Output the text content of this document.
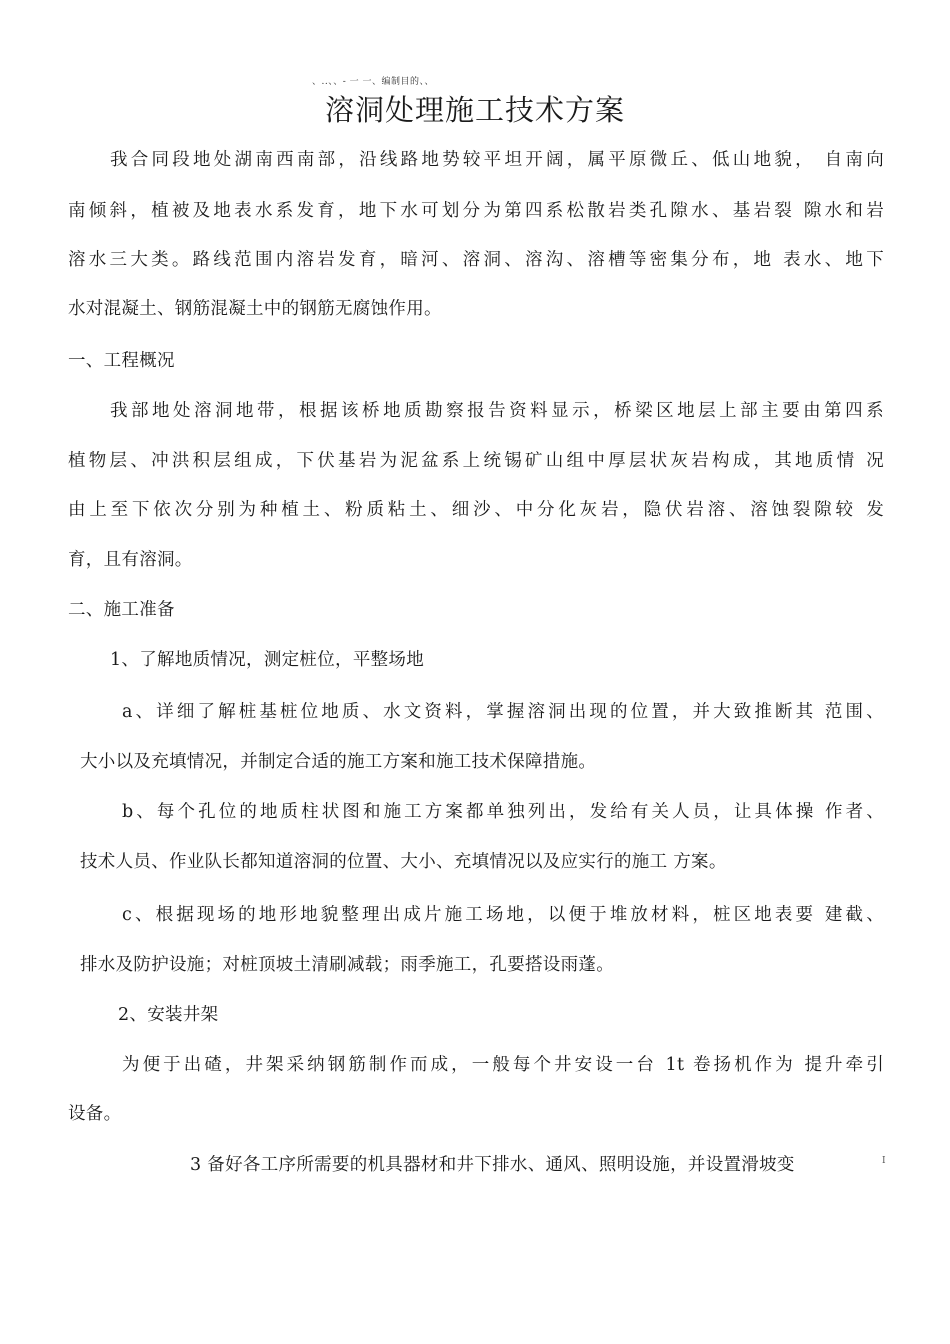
、..、、- 一 一、编制目的、、

溶洞处理施工技术方案

我合同段地处湖南西南部，沿线路地势较平坦开阔，属平原微丘、低山地貌， 自南向

南倾斜，植被及地表水系发育，地下水可划分为第四系松散岩类孔隙水、基岩裂 隙水和岩

溶水三大类。路线范围内溶岩发育，暗河、溶洞、溶沟、溶槽等密集分布，地 表水、地下

水对混凝土、钢筋混凝土中的钢筋无腐蚀作用。

一、工程概况

我部地处溶洞地带，根据该桥地质勘察报告资料显示，桥梁区地层上部主要由第四系

植物层、冲洪积层组成，下伏基岩为泥盆系上统锡矿山组中厚层状灰岩构成，其地质情 况

由上至下依次分别为种植土、粉质粘土、细沙、中分化灰岩，隐伏岩溶、溶蚀裂隙较 发

育，且有溶洞。

二、施工准备

1、了解地质情况，测定桩位，平整场地

a、详细了解桩基桩位地质、水文资料，掌握溶洞出现的位置，并大致推断其 范围、

大小以及充填情况，并制定合适的施工方案和施工技术保障措施。

b、每个孔位的地质柱状图和施工方案都单独列出，发给有关人员，让具体操 作者、

技术人员、作业队长都知道溶洞的位置、大小、充填情况以及应实行的施工 方案。

c、根据现场的地形地貌整理出成片施工场地，以便于堆放材料，桩区地表要 建截、

排水及防护设施；对桩顶坡土清刷减载；雨季施工，孔要搭设雨蓬。

2、安装井架

为便于出碴，井架采纳钢筋制作而成，一般每个井安设一台 1t 卷扬机作为 提升牵引

设备。

3 备好各工序所需要的机具器材和井下排水、通风、照明设施，并设置滑坡变	I
